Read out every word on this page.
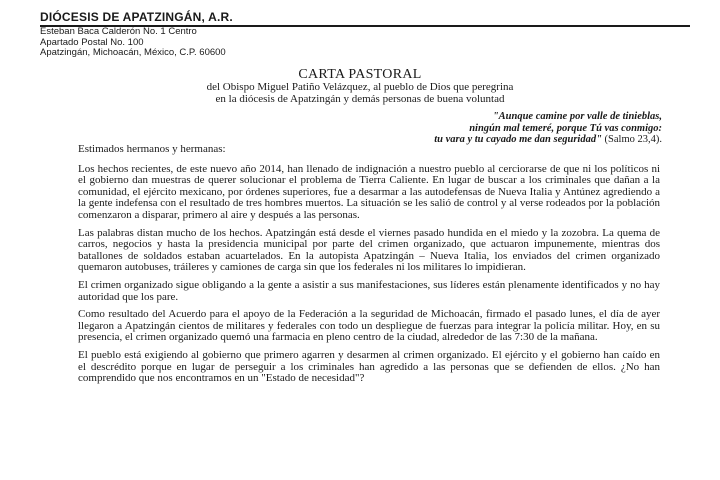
DIÓCESIS DE APATZINGÁN, A.R.

Esteban Baca Calderón No. 1 Centro

Apartado Postal No. 100

Apatzingán, Michoacán, México, C.P. 60600

CARTA PASTORAL

del Obispo Miguel Patiño Velázquez, al pueblo de Dios que peregrina
en la diócesis de Apatzingán y demás personas de buena voluntad
"Aunque camine por valle de tinieblas,
ningún mal temeré, porque Tú vas conmigo:
tu vara y tu cayado me dan seguridad" (Salmo 23,4).

Estimados hermanos y hermanas:

Los hechos recientes, de este nuevo año 2014, han llenado de indignación a nuestro pueblo al cerciorarse de que ni los políticos ni el gobierno dan muestras de querer solucionar el problema de Tierra Caliente. En lugar de buscar a los criminales que dañan a la comunidad, el ejército mexicano, por órdenes superiores, fue a desarmar a las autodefensas de Nueva Italia y Antúnez agrediendo a la gente indefensa con el resultado de tres hombres muertos. La situación se les salió de control y al verse rodeados por la población comenzaron a disparar, primero al aire y después a las personas.

Las palabras distan mucho de los hechos. Apatzingán está desde el viernes pasado hundida en el miedo y la zozobra. La quema de carros, negocios y hasta la presidencia municipal por parte del crimen organizado, que actuaron impunemente, mientras dos batallones de soldados estaban acuartelados. En la autopista Apatzingán – Nueva Italia, los enviados del crimen organizado quemaron autobuses, tráileres y camiones de carga sin que los federales ni los militares lo impidieran.

El crimen organizado sigue obligando a la gente a asistir a sus manifestaciones, sus líderes están plenamente identificados y no hay autoridad que los pare.

Como resultado del Acuerdo para el apoyo de la Federación a la seguridad de Michoacán, firmado el pasado lunes, el día de ayer llegaron a Apatzingán cientos de militares y federales con todo un despliegue de fuerzas para integrar la policía militar. Hoy, en su presencia, el crimen organizado quemó una farmacia en pleno centro de la ciudad, alrededor de las 7:30 de la mañana.

El pueblo está exigiendo al gobierno que primero agarren y desarmen al crimen organizado. El ejército y el gobierno han caído en el descrédito porque en lugar de perseguir a los criminales han agredido a las personas que se defienden de ellos. ¿No han comprendido que nos encontramos en un "Estado de necesidad"?
